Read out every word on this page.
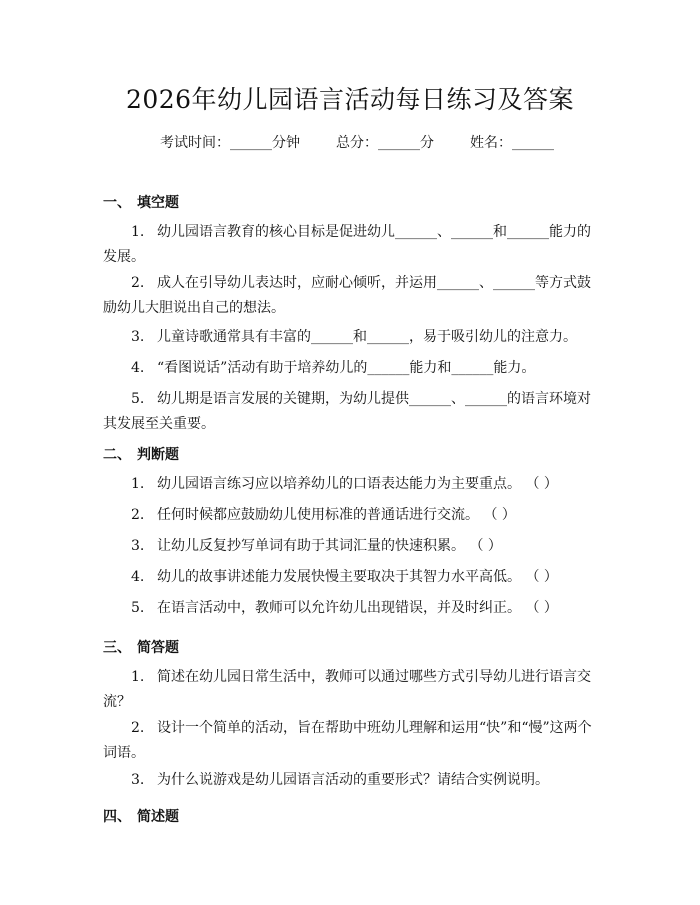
2026年幼儿园语言活动每日练习及答案
考试时间：______分钟	总分：______分	姓名：______
一、 填空题
1. 幼儿园语言教育的核心目标是促进幼儿______、______和______能力的发展。
2. 成人在引导幼儿表达时，应耐心倾听，并运用______、______等方式鼓励幼儿大胆说出自己的想法。
3. 儿童诗歌通常具有丰富的______和______，易于吸引幼儿的注意力。
4. “看图说话”活动有助于培养幼儿的______能力和______能力。
5. 幼儿期是语言发展的关键期，为幼儿提供______、______的语言环境对其发展至关重要。
二、 判断题
1. 幼儿园语言练习应以培养幼儿的口语表达能力为主要重点。 （ ）
2. 任何时候都应鼓励幼儿使用标准的普通话进行交流。 （ ）
3. 让幼儿反复抄写单词有助于其词汇量的快速积累。 （ ）
4. 幼儿的故事讲述能力发展快慢主要取决于其智力水平高低。 （ ）
5. 在语言活动中，教师可以允许幼儿出现错误，并及时纠正。 （ ）
三、 简答题
1. 简述在幼儿园日常生活中，教师可以通过哪些方式引导幼儿进行语言交流？
2. 设计一个简单的活动，旨在帮助中班幼儿理解和运用“快”和“慢”这两个词语。
3. 为什么说游戏是幼儿园语言活动的重要形式？请结合实例说明。
四、 简述题
